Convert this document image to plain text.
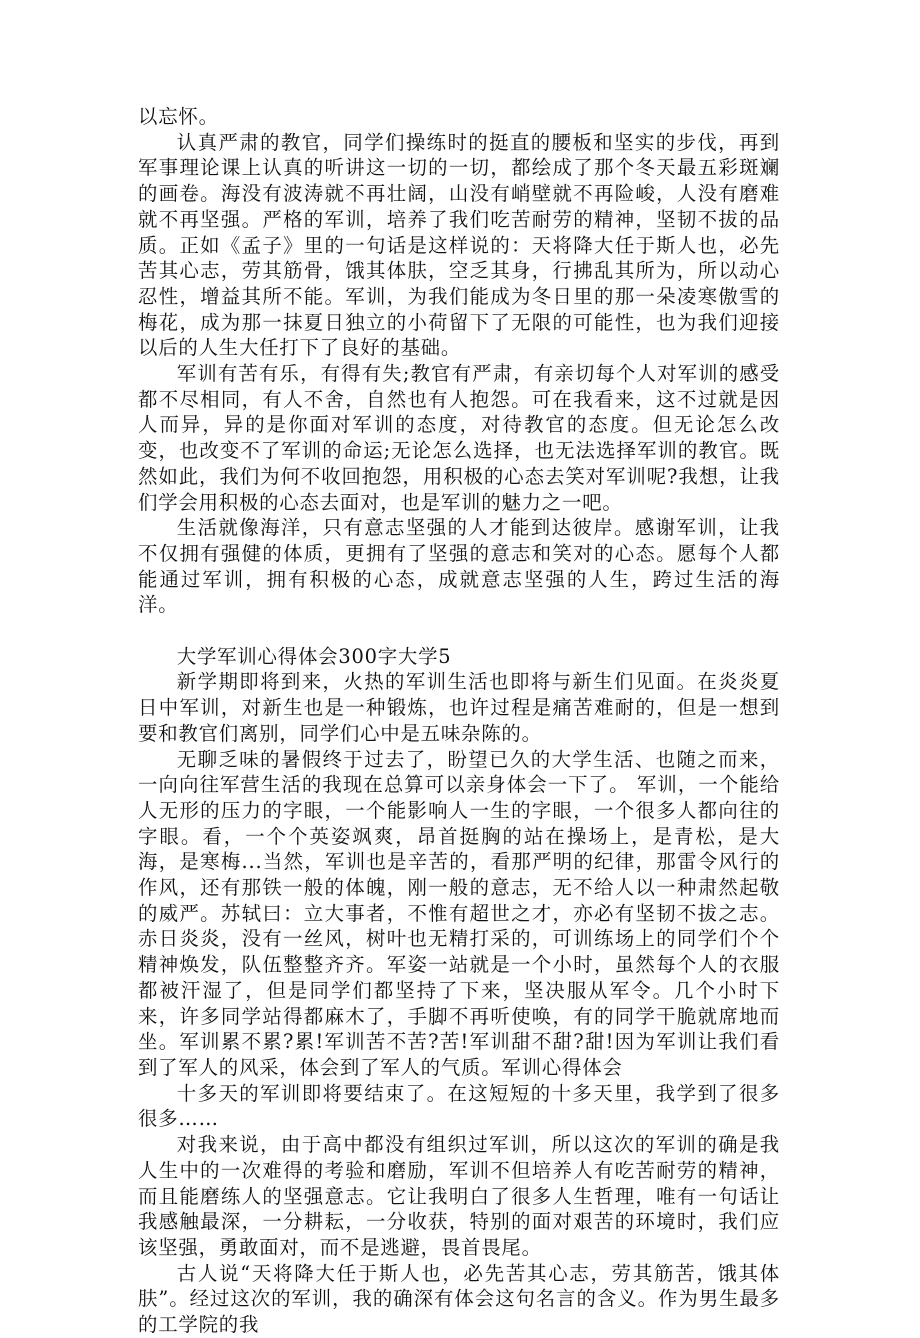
以忘怀。

认真严肃的教官，同学们操练时的挺直的腰板和坚实的步伐，再到军事理论课上认真的听讲这一切的一切，都绘成了那个冬天最五彩斑斓的画卷。海没有波涛就不再壮阔，山没有峭壁就不再险峻，人没有磨难就不再坚强。严格的军训，培养了我们吃苦耐劳的精神，坚韧不拔的品质。正如《孟子》里的一句话是这样说的：天将降大任于斯人也，必先苦其心志，劳其筋骨，饿其体肤，空乏其身，行拂乱其所为，所以动心忍性，增益其所不能。军训，为我们能成为冬日里的那一朵凌寒傲雪的梅花，成为那一抹夏日独立的小荷留下了无限的可能性，也为我们迎接以后的人生大任打下了良好的基础。

军训有苦有乐，有得有失;教官有严肃，有亲切每个人对军训的感受都不尽相同，有人不舍，自然也有人抱怨。可在我看来，这不过就是因人而异，异的是你面对军训的态度，对待教官的态度。但无论怎么改变，也改变不了军训的命运;无论怎么选择，也无法选择军训的教官。既然如此，我们为何不收回抱怨，用积极的心态去笑对军训呢?我想，让我们学会用积极的心态去面对，也是军训的魅力之一吧。

生活就像海洋，只有意志坚强的人才能到达彼岸。感谢军训，让我不仅拥有强健的体质，更拥有了坚强的意志和笑对的心态。愿每个人都能通过军训，拥有积极的心态，成就意志坚强的人生，跨过生活的海洋。

大学军训心得体会300字大学5

新学期即将到来，火热的军训生活也即将与新生们见面。在炎炎夏日中军训，对新生也是一种锻炼，也许过程是痛苦难耐的，但是一想到要和教官们离别，同学们心中是五味杂陈的。

无聊乏味的暑假终于过去了，盼望已久的大学生活、也随之而来，一向向往军营生活的我现在总算可以亲身体会一下了。 军训，一个能给人无形的压力的字眼，一个能影响人一生的字眼，一个很多人都向往的字眼。看，一个个英姿飒爽，昂首挺胸的站在操场上，是青松，是大海，是寒梅...当然，军训也是辛苦的，看那严明的纪律，那雷令风行的作风，还有那铁一般的体魄，刚一般的意志，无不给人以一种肃然起敬的威严。苏轼曰：立大事者，不惟有超世之才，亦必有坚韧不拔之志。 赤日炎炎，没有一丝风，树叶也无精打采的，可训练场上的同学们个个精神焕发，队伍整整齐齐。军姿一站就是一个小时，虽然每个人的衣服都被汗湿了，但是同学们都坚持了下来，坚决服从军令。几个小时下来，许多同学站得都麻木了，手脚不再听使唤，有的同学干脆就席地而坐。军训累不累?累!军训苦不苦?苦!军训甜不甜?甜!因为军训让我们看到了军人的风采，体会到了军人的气质。军训心得体会

十多天的军训即将要结束了。在这短短的十多天里，我学到了很多很多……

对我来说，由于高中都没有组织过军训，所以这次的军训的确是我人生中的一次难得的考验和磨励，军训不但培养人有吃苦耐劳的精神，而且能磨练人的坚强意志。它让我明白了很多人生哲理，唯有一句话让我感触最深，一分耕耘，一分收获，特别的面对艰苦的环境时，我们应该坚强，勇敢面对，而不是逃避，畏首畏尾。

古人说“天将降大任于斯人也，必先苦其心志，劳其筋苦，饿其体肤”。经过这次的军训，我的确深有体会这句名言的含义。作为男生最多的工学院的我
